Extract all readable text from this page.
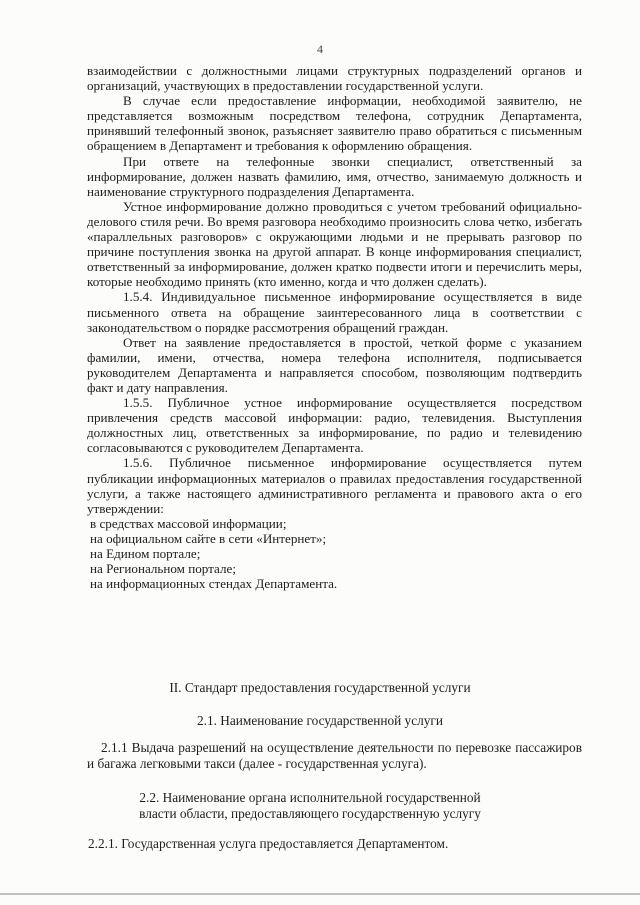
4

взаимодействии с должностными лицами структурных подразделений органов и организаций, участвующих в предоставлении государственной услуги.

В случае если предоставление информации, необходимой заявителю, не представляется возможным посредством телефона, сотрудник Департамента, принявший телефонный звонок, разъясняет заявителю право обратиться с письменным обращением в Департамент и требования к оформлению обращения.

При ответе на телефонные звонки специалист, ответственный за информирование, должен назвать фамилию, имя, отчество, занимаемую должность и наименование структурного подразделения Департамента.

Устное информирование должно проводиться с учетом требований официально-делового стиля речи. Во время разговора необходимо произносить слова четко, избегать «параллельных разговоров» с окружающими людьми и не прерывать разговор по причине поступления звонка на другой аппарат. В конце информирования специалист, ответственный за информирование, должен кратко подвести итоги и перечислить меры, которые необходимо принять (кто именно, когда и что должен сделать).

1.5.4. Индивидуальное письменное информирование осуществляется в виде письменного ответа на обращение заинтересованного лица в соответствии с законодательством о порядке рассмотрения обращений граждан.

Ответ на заявление предоставляется в простой, четкой форме с указанием фамилии, имени, отчества, номера телефона исполнителя, подписывается руководителем Департамента и направляется способом, позволяющим подтвердить факт и дату направления.

1.5.5. Публичное устное информирование осуществляется посредством привлечения средств массовой информации: радио, телевидения. Выступления должностных лиц, ответственных за информирование, по радио и телевидению согласовываются с руководителем Департамента.

1.5.6. Публичное письменное информирование осуществляется путем публикации информационных материалов о правилах предоставления государственной услуги, а также настоящего административного регламента и правового акта о его утверждении:

в средствах массовой информации;

на официальном сайте в сети «Интернет»;

на Едином портале;

на Региональном портале;

на информационных стендах Департамента.

II. Стандарт предоставления государственной услуги
2.1. Наименование государственной услуги

2.1.1 Выдача разрешений на осуществление деятельности по перевозке пассажиров и багажа легковыми такси (далее - государственная услуга).

2.2. Наименование органа исполнительной государственной
власти области, предоставляющего государственную услугу

2.2.1. Государственная услуга предоставляется Департаментом.
